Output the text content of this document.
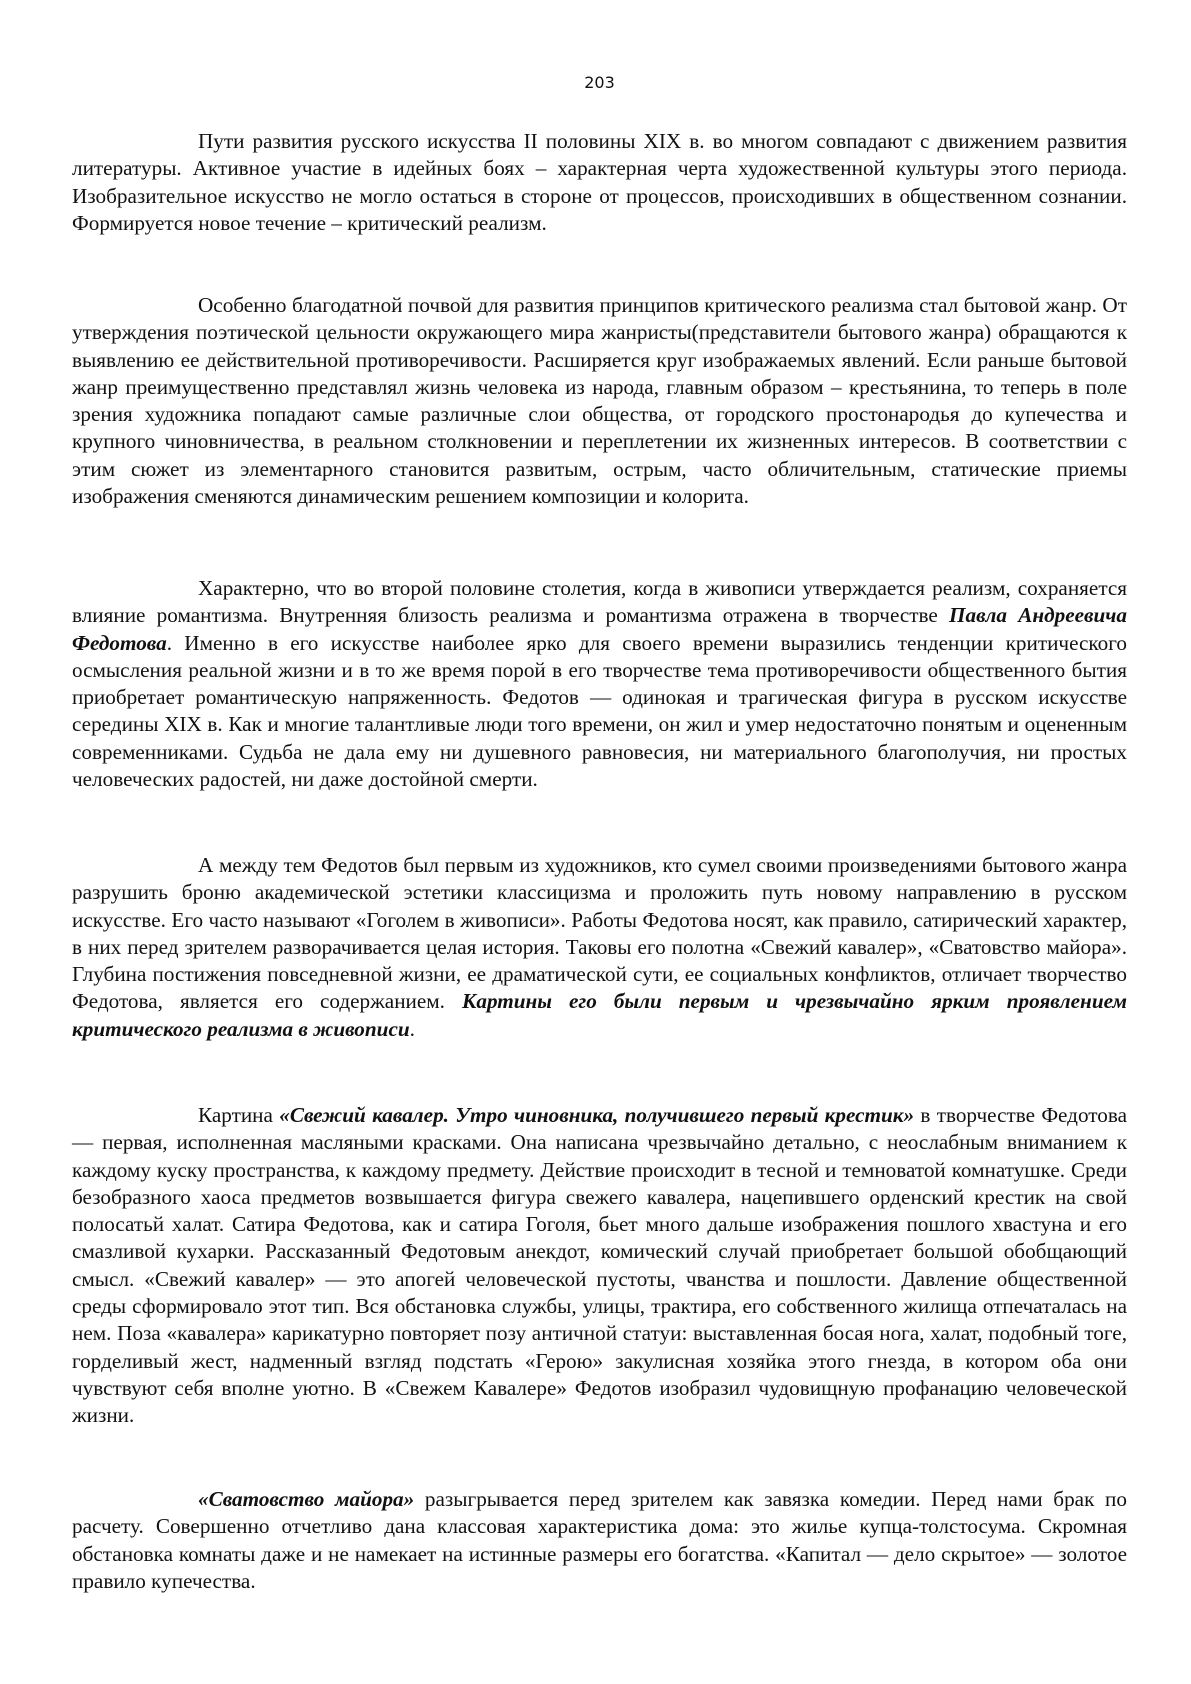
203

Пути развития русского искусства II половины XIX в. во многом совпадают с движением развития литературы. Активное участие в идейных боях – характерная черта художественной культуры этого периода. Изобразительное искусство не могло остаться в стороне от процессов, происходивших в общественном сознании. Формируется новое течение – критический реализм.

Особенно благодатной почвой для развития принципов критического реализма стал бытовой жанр. От утверждения поэтической цельности окружающего мира жанристы(представители бытового жанра) обращаются к выявлению ее действительной противоречивости. Расширяется круг изображаемых явлений. Если раньше бытовой жанр преимущественно представлял жизнь человека из народа, главным образом – крестьянина, то теперь в поле зрения художника попадают самые различные слои общества, от городского простонародья до купечества и крупного чиновничества, в реальном столкновении и переплетении их жизненных интересов. В соответствии с этим сюжет из элементарного становится развитым, острым, часто обличительным, статические приемы изображения сменяются динамическим решением композиции и колорита.

Характерно, что во второй половине столетия, когда в живописи утверждается реализм, сохраняется влияние романтизма. Внутренняя близость реализма и романтизма отражена в творчестве Павла Андреевича Федотова. Именно в его искусстве наиболее ярко для своего времени выразились тенденции критического осмысления реальной жизни и в то же время порой в его творчестве тема противоречивости общественного бытия приобретает романтическую напряженность. Федотов — одинокая и трагическая фигура в русском искусстве середины XIX в. Как и многие талантливые люди того времени, он жил и умер недостаточно понятым и оцененным современниками. Судьба не дала ему ни душевного равновесия, ни материального благополучия, ни простых человеческих радостей, ни даже достойной смерти.

А между тем Федотов был первым из художников, кто сумел своими произведениями бытового жанра разрушить броню академической эстетики классицизма и проложить путь новому направлению в русском искусстве. Его часто называют «Гоголем в живописи». Работы Федотова носят, как правило, сатирический характер, в них перед зрителем разворачивается целая история. Таковы его полотна «Свежий кавалер», «Сватовство майора». Глубина постижения повседневной жизни, ее драматической сути, ее социальных конфликтов, отличает творчество Федотова, является его содержанием. Картины его были первым и чрезвычайно ярким проявлением критического реализма в живописи.

Картина «Свежий кавалер. Утро чиновника, получившего первый крестик» в творчестве Федотова — первая, исполненная масляными красками. Она написана чрезвычайно детально, с неослабным вниманием к каждому куску пространства, к каждому предмету. Действие происходит в тесной и темноватой комнатушке. Среди безобразного хаоса предметов возвышается фигура свежего кавалера, нацепившего орденский крестик на свой полосатьй халат. Сатира Федотова, как и сатира Гоголя, бьет много дальше изображения пошлого хвастуна и его смазливой кухарки. Рассказанный Федотовым анекдот, комический случай приобретает большой обобщающий смысл. «Свежий кавалер» — это апогей человеческой пустоты, чванства и пошлости. Давление общественной среды сформировало этот тип. Вся обстановка службы, улицы, трактира, его собственного жилища отпечаталась на нем. Поза «кавалера» карикатурно повторяет позу античной статуи: выставленная босая нога, халат, подобный тоге, горделивый жест, надменный взгляд подстать «Герою» закулисная хозяйка этого гнезда, в котором оба они чувствуют себя вполне уютно. В «Свежем Кавалере» Федотов изобразил чудовищную профанацию человеческой жизни.

«Сватовство майора» разыгрывается перед зрителем как завязка комедии. Перед нами брак по расчету. Совершенно отчетливо дана классовая характеристика дома: это жилье купца-толстосума. Скромная обстановка комнаты даже и не намекает на истинные размеры его богатства. «Капитал — дело скрытое» — золотое правило купечества.
